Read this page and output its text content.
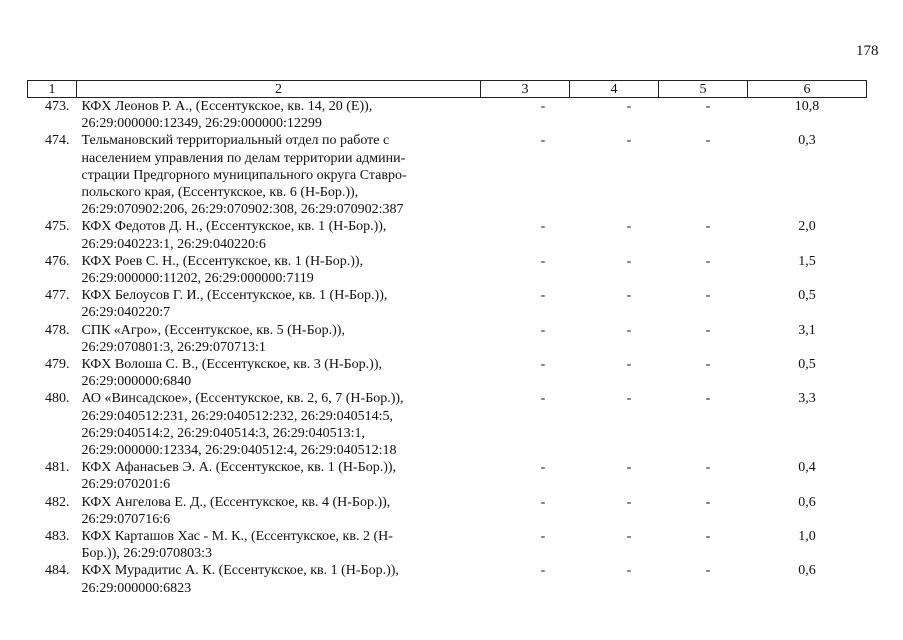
178
1	2	3	4	5	6
473.	КФХ Леонов Р. А., (Ессентукское, кв. 14, 20 (Е)),
26:29:000000:12349, 26:29:000000:12299	-	-	-	10,8
474.	Тельмановский территориальный отдел по работе с
населением управления по делам территории админи-
страции Предгорного муниципального округа Ставро-
польского края, (Ессентукское, кв. 6 (Н-Бор.)),
26:29:070902:206, 26:29:070902:308, 26:29:070902:387	-	-	-	0,3
475.	КФХ Федотов Д. Н., (Ессентукское, кв. 1 (Н-Бор.)),
26:29:040223:1, 26:29:040220:6	-	-	-	2,0
476.	КФХ Роев С. Н., (Ессентукское, кв. 1 (Н-Бор.)),
26:29:000000:11202, 26:29:000000:7119	-	-	-	1,5
477.	КФХ Белоусов Г. И., (Ессентукское, кв. 1 (Н-Бор.)),
26:29:040220:7	-	-	-	0,5
478.	СПК «Агро», (Ессентукское, кв. 5 (Н-Бор.)),
26:29:070801:3, 26:29:070713:1	-	-	-	3,1
479.	КФХ Волоша С. В., (Ессентукское, кв. 3 (Н-Бор.)),
26:29:000000:6840	-	-	-	0,5
480.	АО «Винсадское», (Ессентукское, кв. 2, 6, 7 (Н-Бор.)),
26:29:040512:231, 26:29:040512:232, 26:29:040514:5,
26:29:040514:2, 26:29:040514:3, 26:29:040513:1,
26:29:000000:12334, 26:29:040512:4, 26:29:040512:18	-	-	-	3,3
481.	КФХ Афанасьев Э. А. (Ессентукское, кв. 1 (Н-Бор.)),
26:29:070201:6	-	-	-	0,4
482.	КФХ Ангелова Е. Д., (Ессентукское, кв. 4 (Н-Бор.)),
26:29:070716:6	-	-	-	0,6
483.	КФХ Карташов Хас - М. К., (Ессентукское, кв. 2 (Н-
Бор.)), 26:29:070803:3	-	-	-	1,0
484.	КФХ Мурадитис А. К. (Ессентукское, кв. 1 (Н-Бор.)),
26:29:000000:6823	-	-	-	0,6
